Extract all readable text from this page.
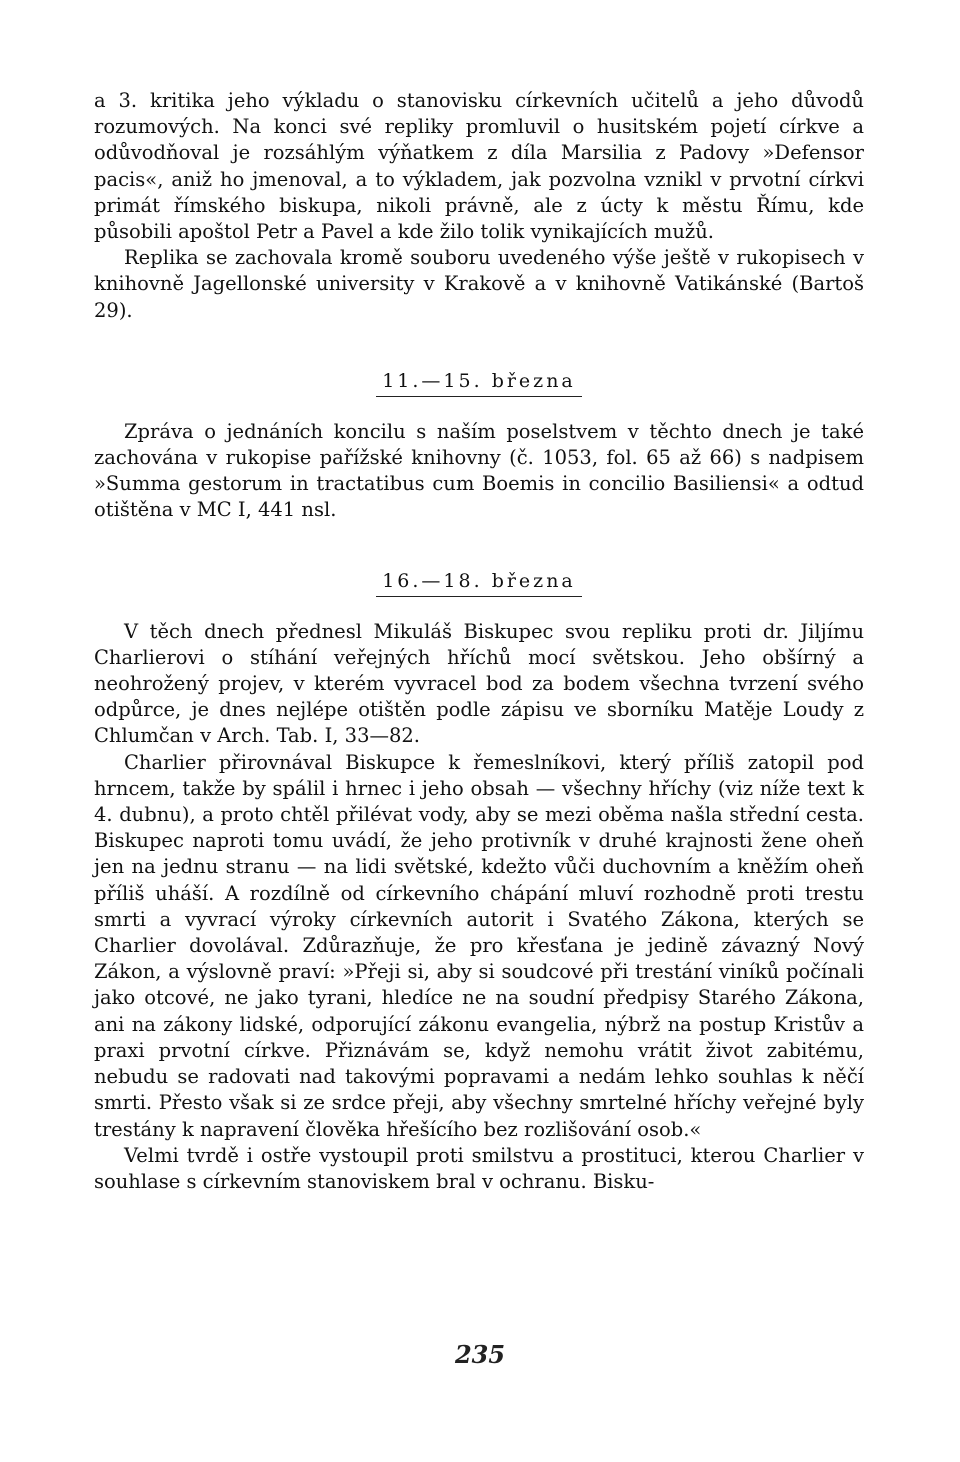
a 3. kritika jeho výkladu o stanovisku církevních učitelů a jeho důvodů rozumových. Na konci své repliky promluvil o husitském pojetí církve a odůvodňoval je rozsáhlým výňatkem z díla Marsilia z Padovy »Defensor pacis«, aniž ho jmenoval, a to výkladem, jak pozvolna vznikl v prvotní církvi primát římského biskupa, nikoli právně, ale z úcty k městu Římu, kde působili apoštol Petr a Pavel a kde žilo tolik vynikajících mužů.

Replika se zachovala kromě souboru uvedeného výše ještě v rukopisech v knihovně Jagellonské university v Krakově a v knihovně Vatikánské (Bartoš 29).

11.—15. března

Zpráva o jednáních koncilu s naším poselstvem v těchto dnech je také zachována v rukopise pařížské knihovny (č. 1053, fol. 65 až 66) s nadpisem »Summa gestorum in tractatibus cum Boemis in concilio Basiliensi« a odtud otištěna v MC I, 441 nsl.

16.—18. března

V těch dnech přednesl Mikuláš Biskupec svou repliku proti dr. Jiljímu Charlierovi o stíhání veřejných hříchů mocí světskou. Jeho obšírný a neohrožený projev, v kterém vyvracel bod za bodem všechna tvrzení svého odpůrce, je dnes nejlépe otištěn podle zápisu ve sborníku Matěje Loudy z Chlumčan v Arch. Tab. I, 33—82.

Charlier přirovnával Biskupce k řemeslníkovi, který příliš zatopil pod hrncem, takže by spálil i hrnec i jeho obsah — všechny hříchy (viz níže text k 4. dubnu), a proto chtěl přilévat vody, aby se mezi oběma našla střední cesta. Biskupec naproti tomu uvádí, že jeho protivník v druhé krajnosti žene oheň jen na jednu stranu — na lidi světské, kdežto vůči duchovním a kněžím oheň příliš uháší. A rozdílně od církevního chápání mluví rozhodně proti trestu smrti a vyvrací výroky církevních autorit i Svatého Zákona, kterých se Charlier dovolával. Zdůrazňuje, že pro křesťana je jedině závazný Nový Zákon, a výslovně praví: »Přeji si, aby si soudcové při trestání viníků počínali jako otcové, ne jako tyrani, hledíce ne na soudní předpisy Starého Zákona, ani na zákony lidské, odporující zákonu evangelia, nýbrž na postup Kristův a praxi prvotní církve. Přiznávám se, když nemohu vrátit život zabitému, nebudu se radovati nad takovými popravami a nedám lehko souhlas k něčí smrti. Přesto však si ze srdce přeji, aby všechny smrtelné hříchy veřejné byly trestány k napravení člověka hřešícího bez rozlišování osob.«

Velmi tvrdě i ostře vystoupil proti smilstvu a prostituci, kterou Charlier v souhlase s církevním stanoviskem bral v ochranu. Bisku-

235
